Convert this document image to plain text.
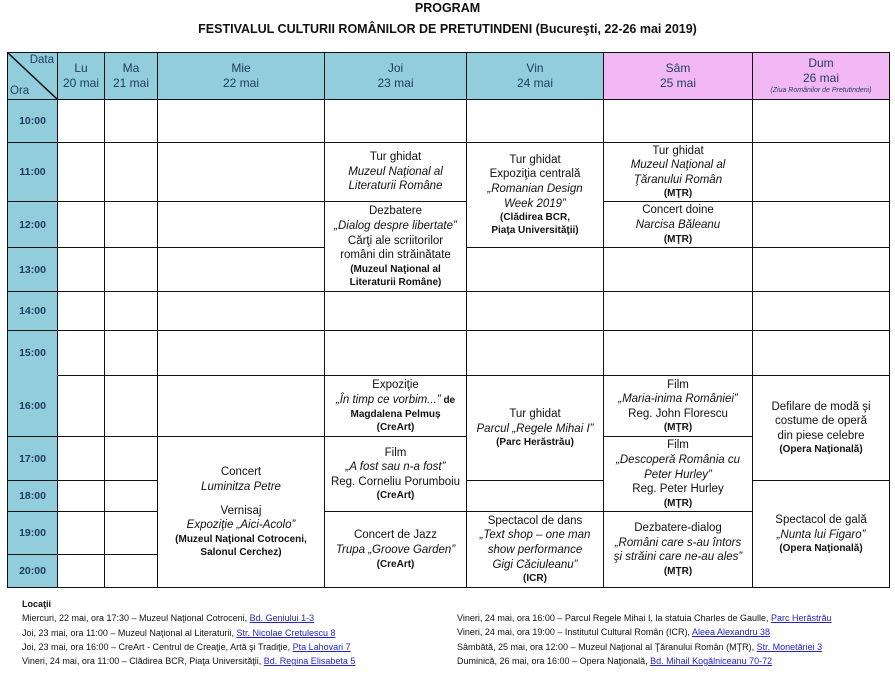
PROGRAM
FESTIVALUL CULTURII ROMÂNILOR DE PRETUTINDENI (Bucureşti, 22-26 mai 2019)
Data
Ora
Lu
20 mai
Ma
21 mai
Mie
22 mai
Joi
23 mai
Vin
24 mai
Sâm
25 mai
Dum
26 mai
(Ziua Românilor de Pretutindeni)
10:00
11:00
12:00
13:00
14:00
15:00
16:00
17:00
18:00
19:00
20:00
Tur ghidat
Muzeul Naţional al
Literaturii Române
Dezbatere
„Dialog despre libertate”
Cărţi ale scriitorilor
români din străinătate
(Muzeul Naţional al
Literaturii Române)
Tur ghidat
Expoziţia centrală
„Romanian Design
Week 2019”
(Clădirea BCR,
Piaţa Universităţii)
Tur ghidat
Muzeul Naţional al
Ţăranului Român
(MŢR)
Concert doine
Narcisa Băleanu
(MŢR)
Expoziţie
„În timp ce vorbim...” de
Magdalena Pelmuș
(CreArt)
Film
„A fost sau n-a fost”
Reg. Corneliu Porumboiu
(CreArt)
Concert de Jazz
Trupa „Groove Garden”
(CreArt)
Concert
Luminitza Petre
Vernisaj
Expoziţie „Aici-Acolo”
(Muzeul Naţional Cotroceni,
Salonul Cerchez)
Tur ghidat
Parcul „Regele Mihai I”
(Parc Herăstrău)
Spectacol de dans
„Text shop – one man
show performance
Gigi Căciuleanu”
(ICR)
Film
„Maria-inima României”
Reg. John Florescu
(MŢR)
Film
„Descoperă România cu
Peter Hurley”
Reg. Peter Hurley
(MŢR)
Dezbatere-dialog
„Români care s-au întors
şi străini care ne-au ales”
(MŢR)
Defilare de modă şi
costume de operă
din piese celebre
(Opera Naţională)
Spectacol de gală
„Nunta lui Figaro”
(Opera Naţională)
Locaţii
Miercuri, 22 mai, ora 17:30 – Muzeul Naţional Cotroceni, Bd. Geniului 1-3
Joi, 23 mai, ora 11:00 – Muzeul Naţional al Literaturii, Str. Nicolae Cretulescu 8
Joi, 23 mai, ora 16:00 – CreArt - Centrul de Creaţie, Artă şi Tradiţie, Pta Lahovari 7
Vineri, 24 mai, ora 11:00 – Clădirea BCR, Piaţa Universităţii, Bd. Regina Elisabeta 5
Vineri, 24 mai, ora 16:00 – Parcul Regele Mihai I, la statuia Charles de Gaulle, Parc Herăstrău
Vineri, 24 mai, ora 19:00 – Institutul Cultural Român (ICR), Aleea Alexandru 38
Sâmbătă, 25 mai, ora 12:00 – Muzeul Naţional al Ţăranului Român (MŢR), Str. Monetăriei 3
Duminică, 26 mai, ora 16:00 – Opera Naţională, Bd. Mihail Kogălniceanu 70-72
